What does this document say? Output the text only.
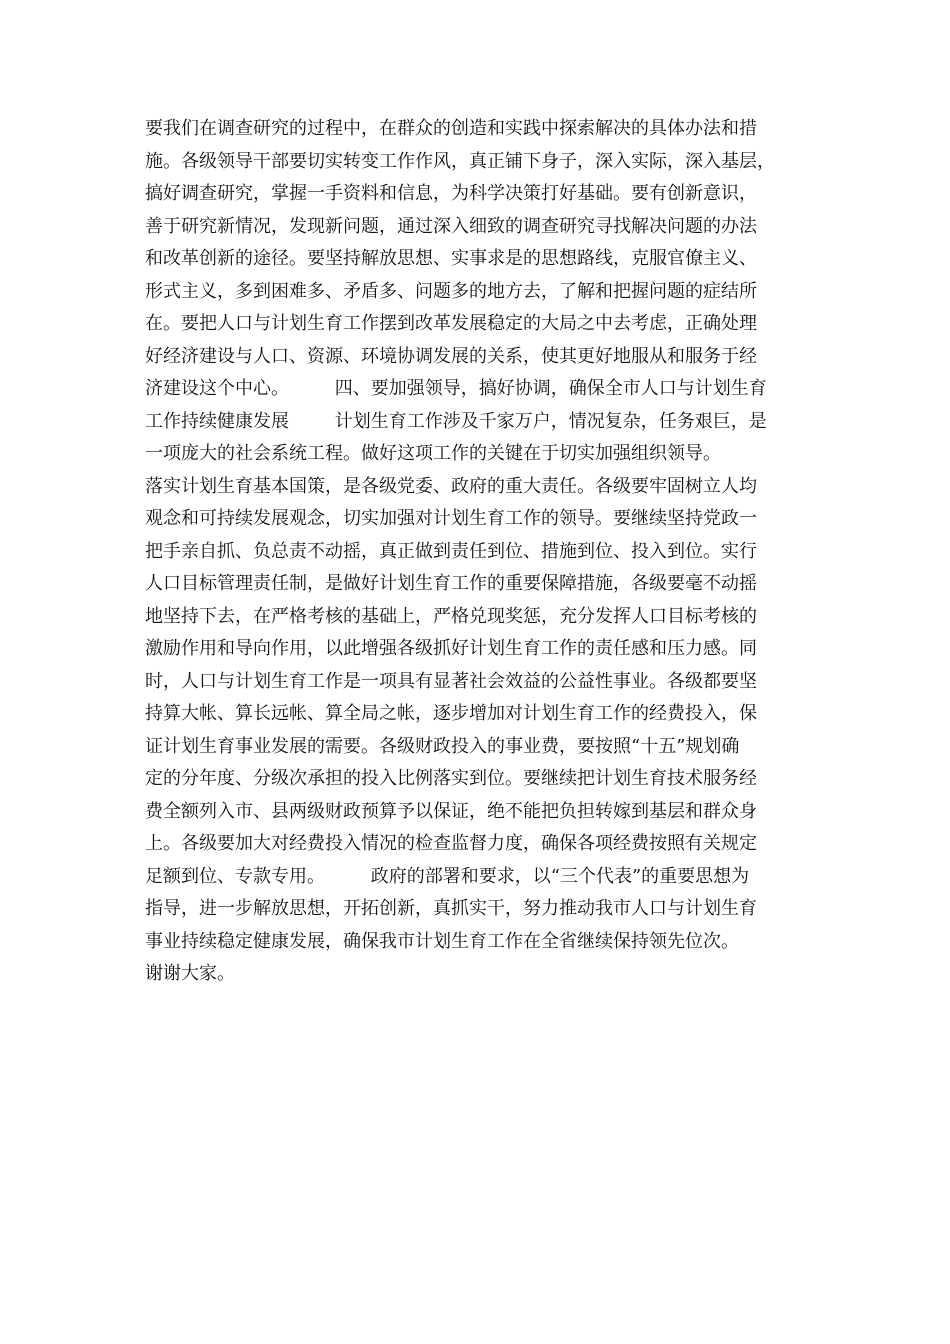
要我们在调查研究的过程中，在群众的创造和实践中探索解决的具体办法和措
施。各级领导干部要切实转变工作作风，真正铺下身子，深入实际，深入基层，
搞好调查研究，掌握一手资料和信息，为科学决策打好基础。要有创新意识，
善于研究新情况，发现新问题，通过深入细致的调查研究寻找解决问题的办法
和改革创新的途径。要坚持解放思想、实事求是的思想路线，克服官僚主义、
形式主义，多到困难多、矛盾多、问题多的地方去，了解和把握问题的症结所
在。要把人口与计划生育工作摆到改革发展稳定的大局之中去考虑，正确处理
好经济建设与人口、资源、环境协调发展的关系，使其更好地服从和服务于经
济建设这个中心。        四、要加强领导，搞好协调，确保全市人口与计划生育
工作持续健康发展        计划生育工作涉及千家万户，情况复杂，任务艰巨，是
一项庞大的社会系统工程。做好这项工作的关键在于切实加强组织领导。
落实计划生育基本国策，是各级党委、政府的重大责任。各级要牢固树立人均
观念和可持续发展观念，切实加强对计划生育工作的领导。要继续坚持党政一
把手亲自抓、负总责不动摇，真正做到责任到位、措施到位、投入到位。实行
人口目标管理责任制，是做好计划生育工作的重要保障措施，各级要毫不动摇
地坚持下去，在严格考核的基础上，严格兑现奖惩，充分发挥人口目标考核的
激励作用和导向作用，以此增强各级抓好计划生育工作的责任感和压力感。同
时，人口与计划生育工作是一项具有显著社会效益的公益性事业。各级都要坚
持算大帐、算长远帐、算全局之帐，逐步增加对计划生育工作的经费投入，保
证计划生育事业发展的需要。各级财政投入的事业费，要按照“十五”规划确
定的分年度、分级次承担的投入比例落实到位。要继续把计划生育技术服务经
费全额列入市、县两级财政预算予以保证，绝不能把负担转嫁到基层和群众身
上。各级要加大对经费投入情况的检查监督力度，确保各项经费按照有关规定
足额到位、专款专用。        政府的部署和要求，以“三个代表”的重要思想为
指导，进一步解放思想，开拓创新，真抓实干，努力推动我市人口与计划生育
事业持续稳定健康发展，确保我市计划生育工作在全省继续保持领先位次。
谢谢大家。
